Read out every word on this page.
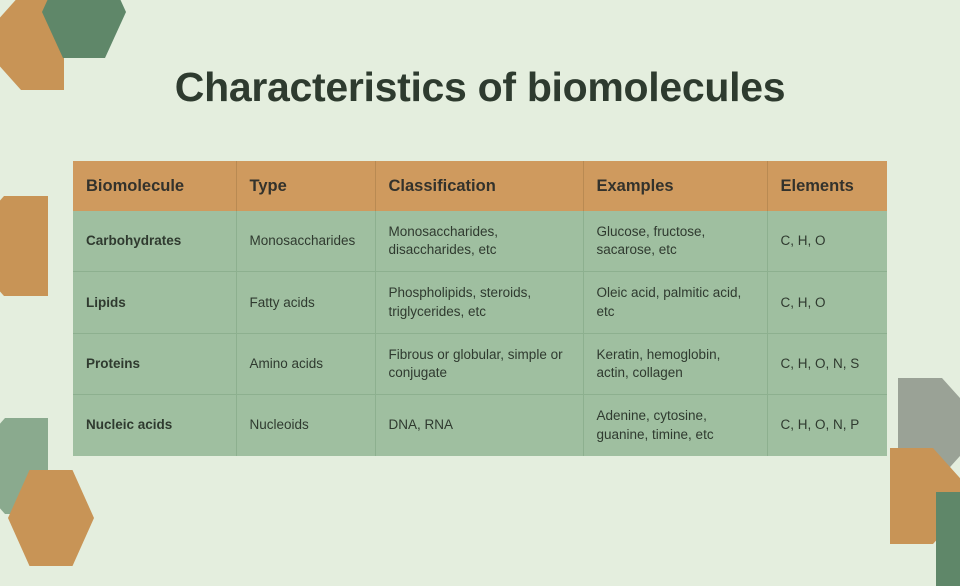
Characteristics of biomolecules
Biomolecule	Type	Classification	Examples	Elements
Carbohydrates	Monosaccharides	Monosaccharides, disaccharides, etc	Glucose, fructose, sacarose, etc	C, H, O
Lipids	Fatty acids	Phospholipids, steroids, triglycerides, etc	Oleic acid, palmitic acid, etc	C, H, O
Proteins	Amino acids	Fibrous or globular, simple or conjugate	Keratin, hemoglobin, actin, collagen	C, H, O, N, S
Nucleic acids	Nucleoids	DNA, RNA	Adenine, cytosine, guanine, timine, etc	C, H, O, N, P
